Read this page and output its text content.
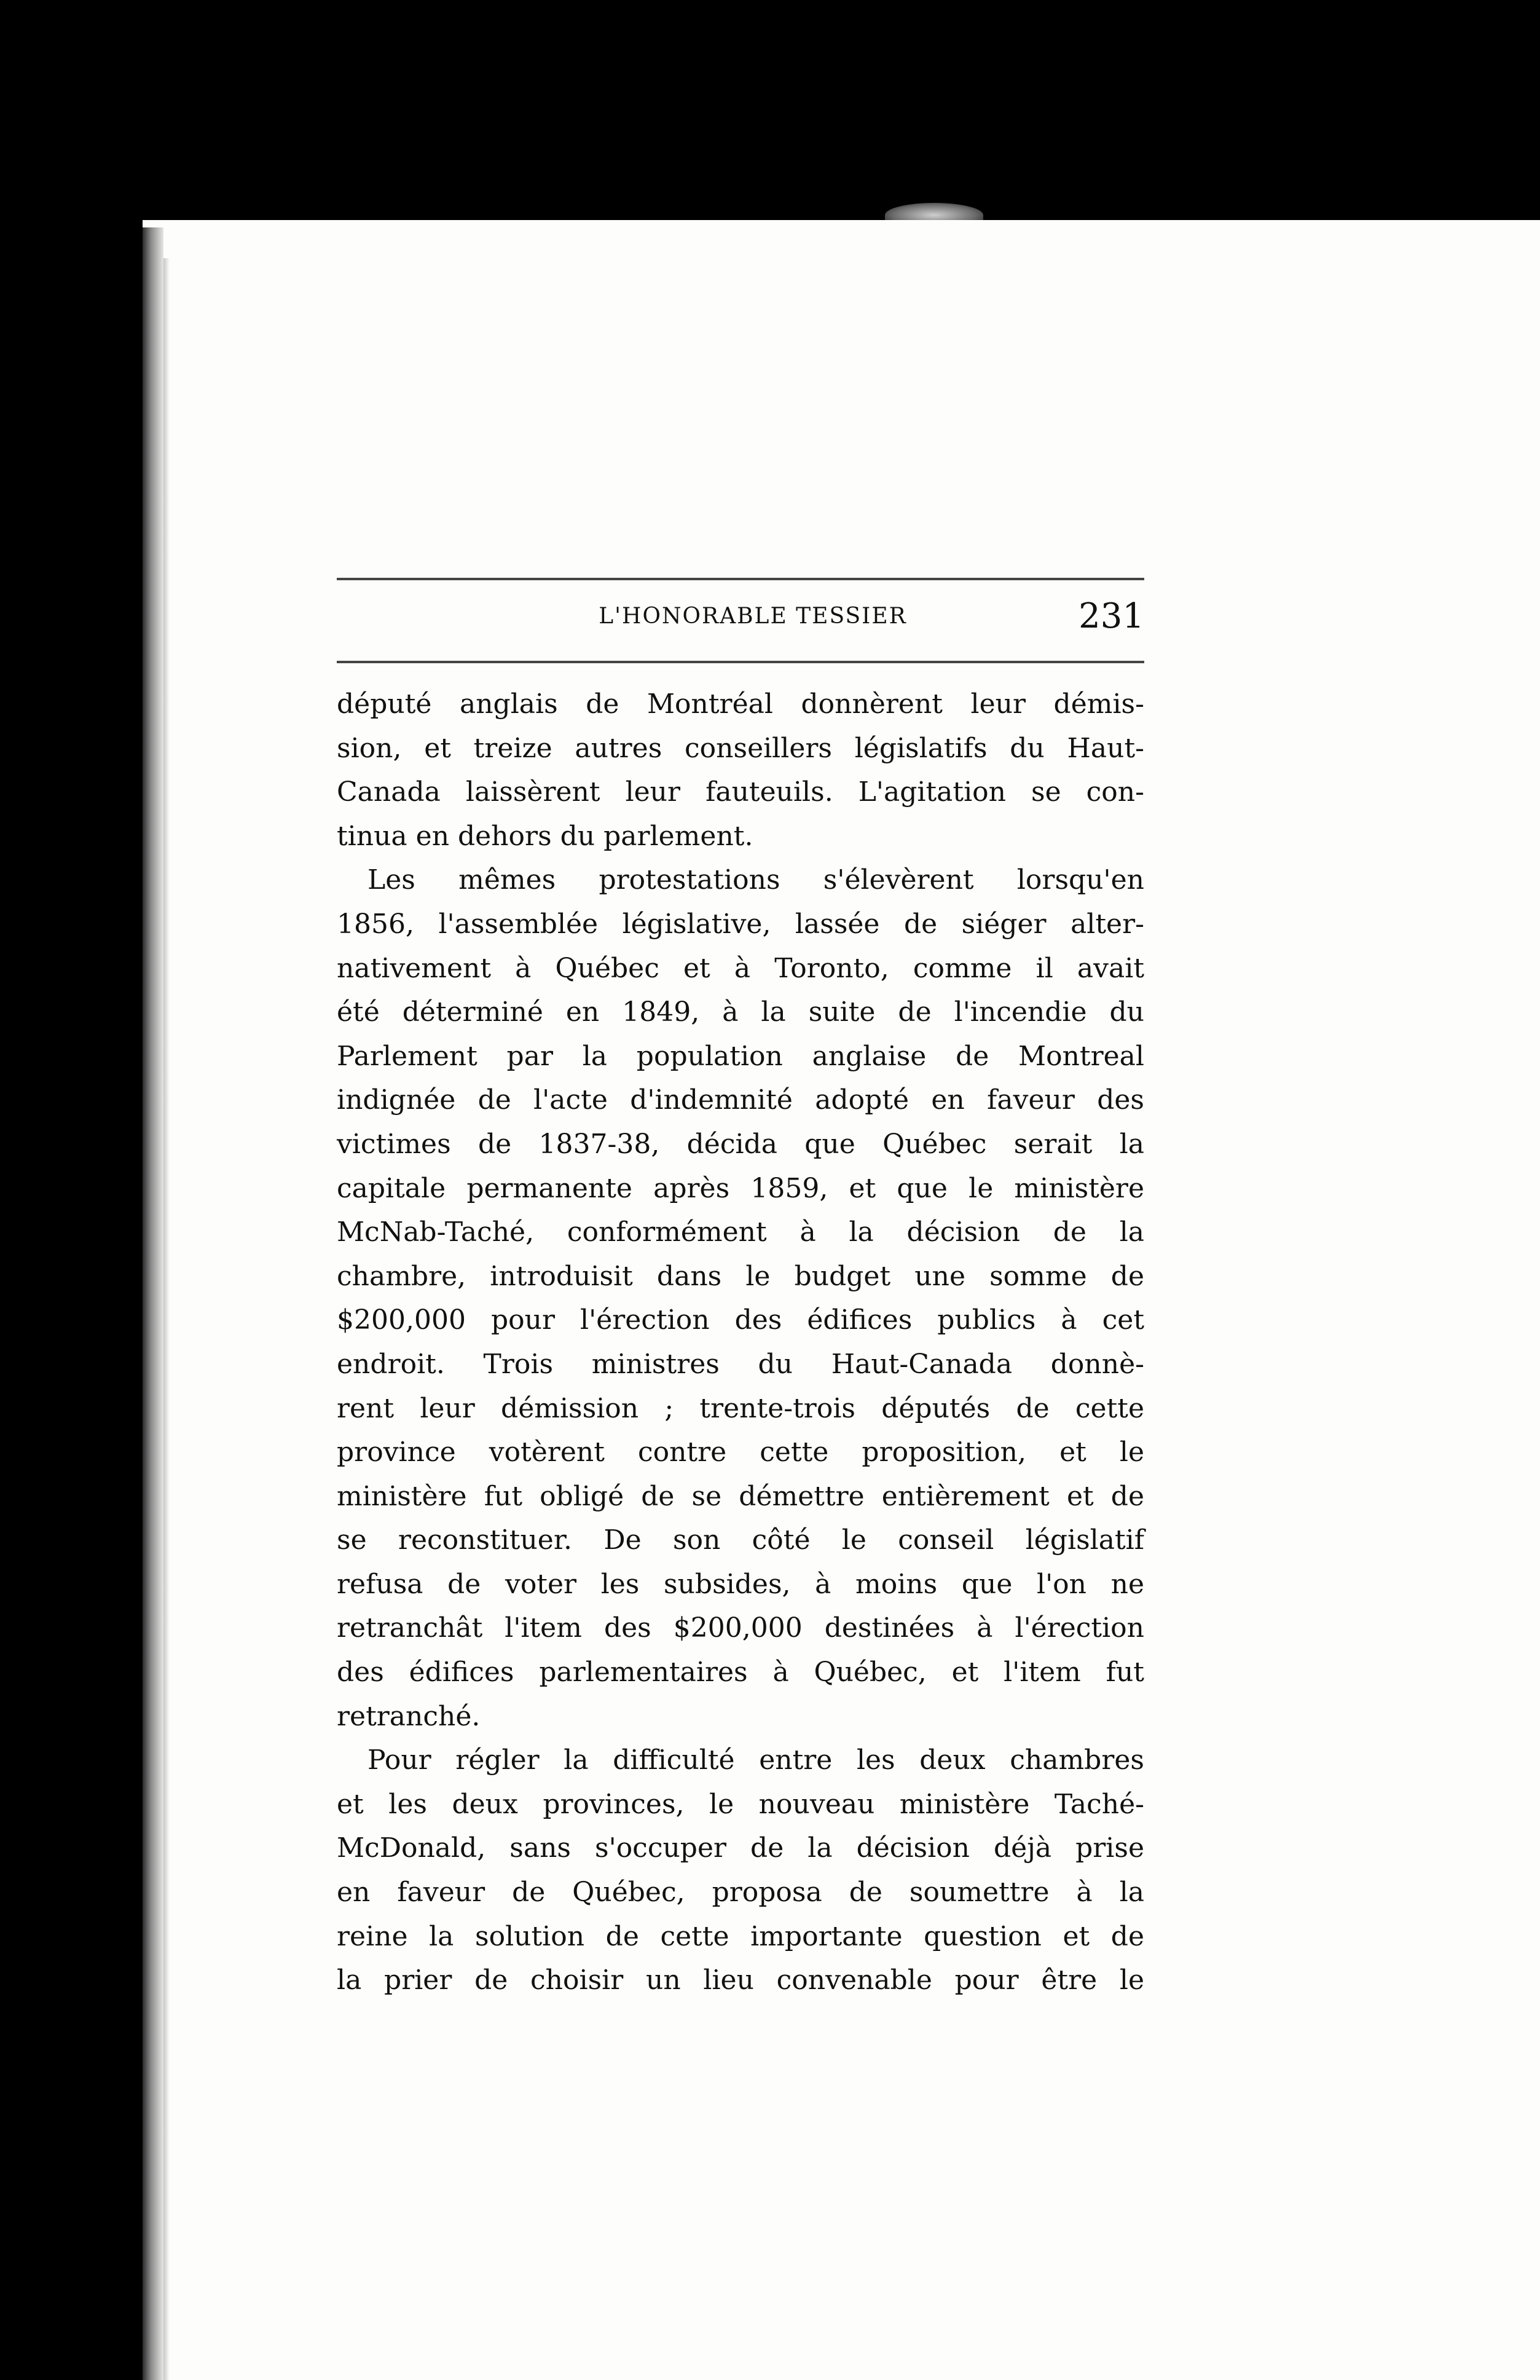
L'HONORABLE TESSIER	231

député anglais de Montréal donnèrent leur démis-
sion, et treize autres conseillers législatifs du Haut-
Canada laissèrent leur fauteuils. L'agitation se con-
tinua en dehors du parlement.

Les mêmes protestations s'élevèrent lorsqu'en
1856, l'assemblée législative, lassée de siéger alter-
nativement à Québec et à Toronto, comme il avait
été déterminé en 1849, à la suite de l'incendie du
Parlement par la population anglaise de Montreal
indignée de l'acte d'indemnité adopté en faveur des
victimes de 1837-38, décida que Québec serait la
capitale permanente après 1859, et que le ministère
McNab-Taché, conformément à la décision de la
chambre, introduisit dans le budget une somme de
$200,000 pour l'érection des édifices publics à cet
endroit. Trois ministres du Haut-Canada donnè-
rent leur démission ; trente-trois députés de cette
province votèrent contre cette proposition, et le
ministère fut obligé de se démettre entièrement et de
se reconstituer. De son côté le conseil législatif
refusa de voter les subsides, à moins que l'on ne
retranchât l'item des $200,000 destinées à l'érection
des édifices parlementaires à Québec, et l'item fut
retranché.

Pour régler la difficulté entre les deux chambres
et les deux provinces, le nouveau ministère Taché-
McDonald, sans s'occuper de la décision déjà prise
en faveur de Québec, proposa de soumettre à la
reine la solution de cette importante question et de
la prier de choisir un lieu convenable pour être le
